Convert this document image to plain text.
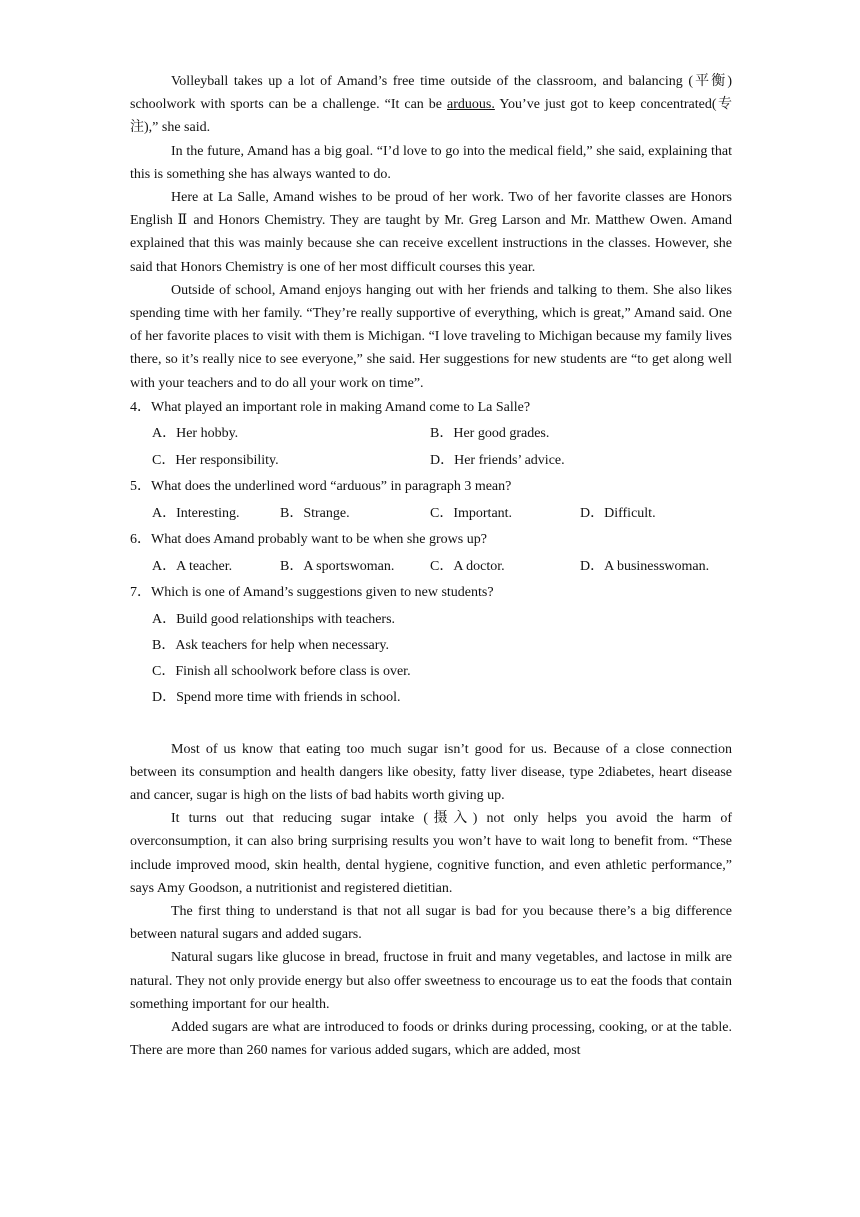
Volleyball takes up a lot of Amand’s free time outside of the classroom, and balancing (平衡) schoolwork with sports can be a challenge. “It can be arduous. You’ve just got to keep concentrated(专注),” she said.

In the future, Amand has a big goal. “I’d love to go into the medical field,” she said, explaining that this is something she has always wanted to do.

Here at La Salle, Amand wishes to be proud of her work. Two of her favorite classes are Honors English Ⅱ and Honors Chemistry. They are taught by Mr. Greg Larson and Mr. Matthew Owen. Amand explained that this was mainly because she can receive excellent instructions in the classes. However, she said that Honors Chemistry is one of her most difficult courses this year.

Outside of school, Amand enjoys hanging out with her friends and talking to them. She also likes spending time with her family. “They’re really supportive of everything, which is great,” Amand said. One of her favorite places to visit with them is Michigan. “I love traveling to Michigan because my family lives there, so it’s really nice to see everyone,” she said. Her suggestions for new students are “to get along well with your teachers and to do all your work on time”.

4．What played an important role in making Amand come to La Salle?
A．Her hobby.	B．Her good grades.
C．Her responsibility.	D．Her friends’ advice.
5．What does the underlined word “arduous” in paragraph 3 mean?
A．Interesting.	B．Strange.	C．Important.	D．Difficult.
6．What does Amand probably want to be when she grows up?
A．A teacher.	B．A sportswoman.	C．A doctor.	D．A businesswoman.
7．Which is one of Amand’s suggestions given to new students?
A．Build good relationships with teachers.
B．Ask teachers for help when necessary.
C．Finish all schoolwork before class is over.
D．Spend more time with friends in school.

Most of us know that eating too much sugar isn’t good for us. Because of a close connection between its consumption and health dangers like obesity, fatty liver disease, type 2diabetes, heart disease and cancer, sugar is high on the lists of bad habits worth giving up.

It turns out that reducing sugar intake (摄入) not only helps you avoid the harm of overconsumption, it can also bring surprising results you won’t have to wait long to benefit from. “These include improved mood, skin health, dental hygiene, cognitive function, and even athletic performance,” says Amy Goodson, a nutritionist and registered dietitian.

The first thing to understand is that not all sugar is bad for you because there’s a big difference between natural sugars and added sugars.

Natural sugars like glucose in bread, fructose in fruit and many vegetables, and lactose in milk are natural. They not only provide energy but also offer sweetness to encourage us to eat the foods that contain something important for our health.

Added sugars are what are introduced to foods or drinks during processing, cooking, or at the table. There are more than 260 names for various added sugars, which are added, most
